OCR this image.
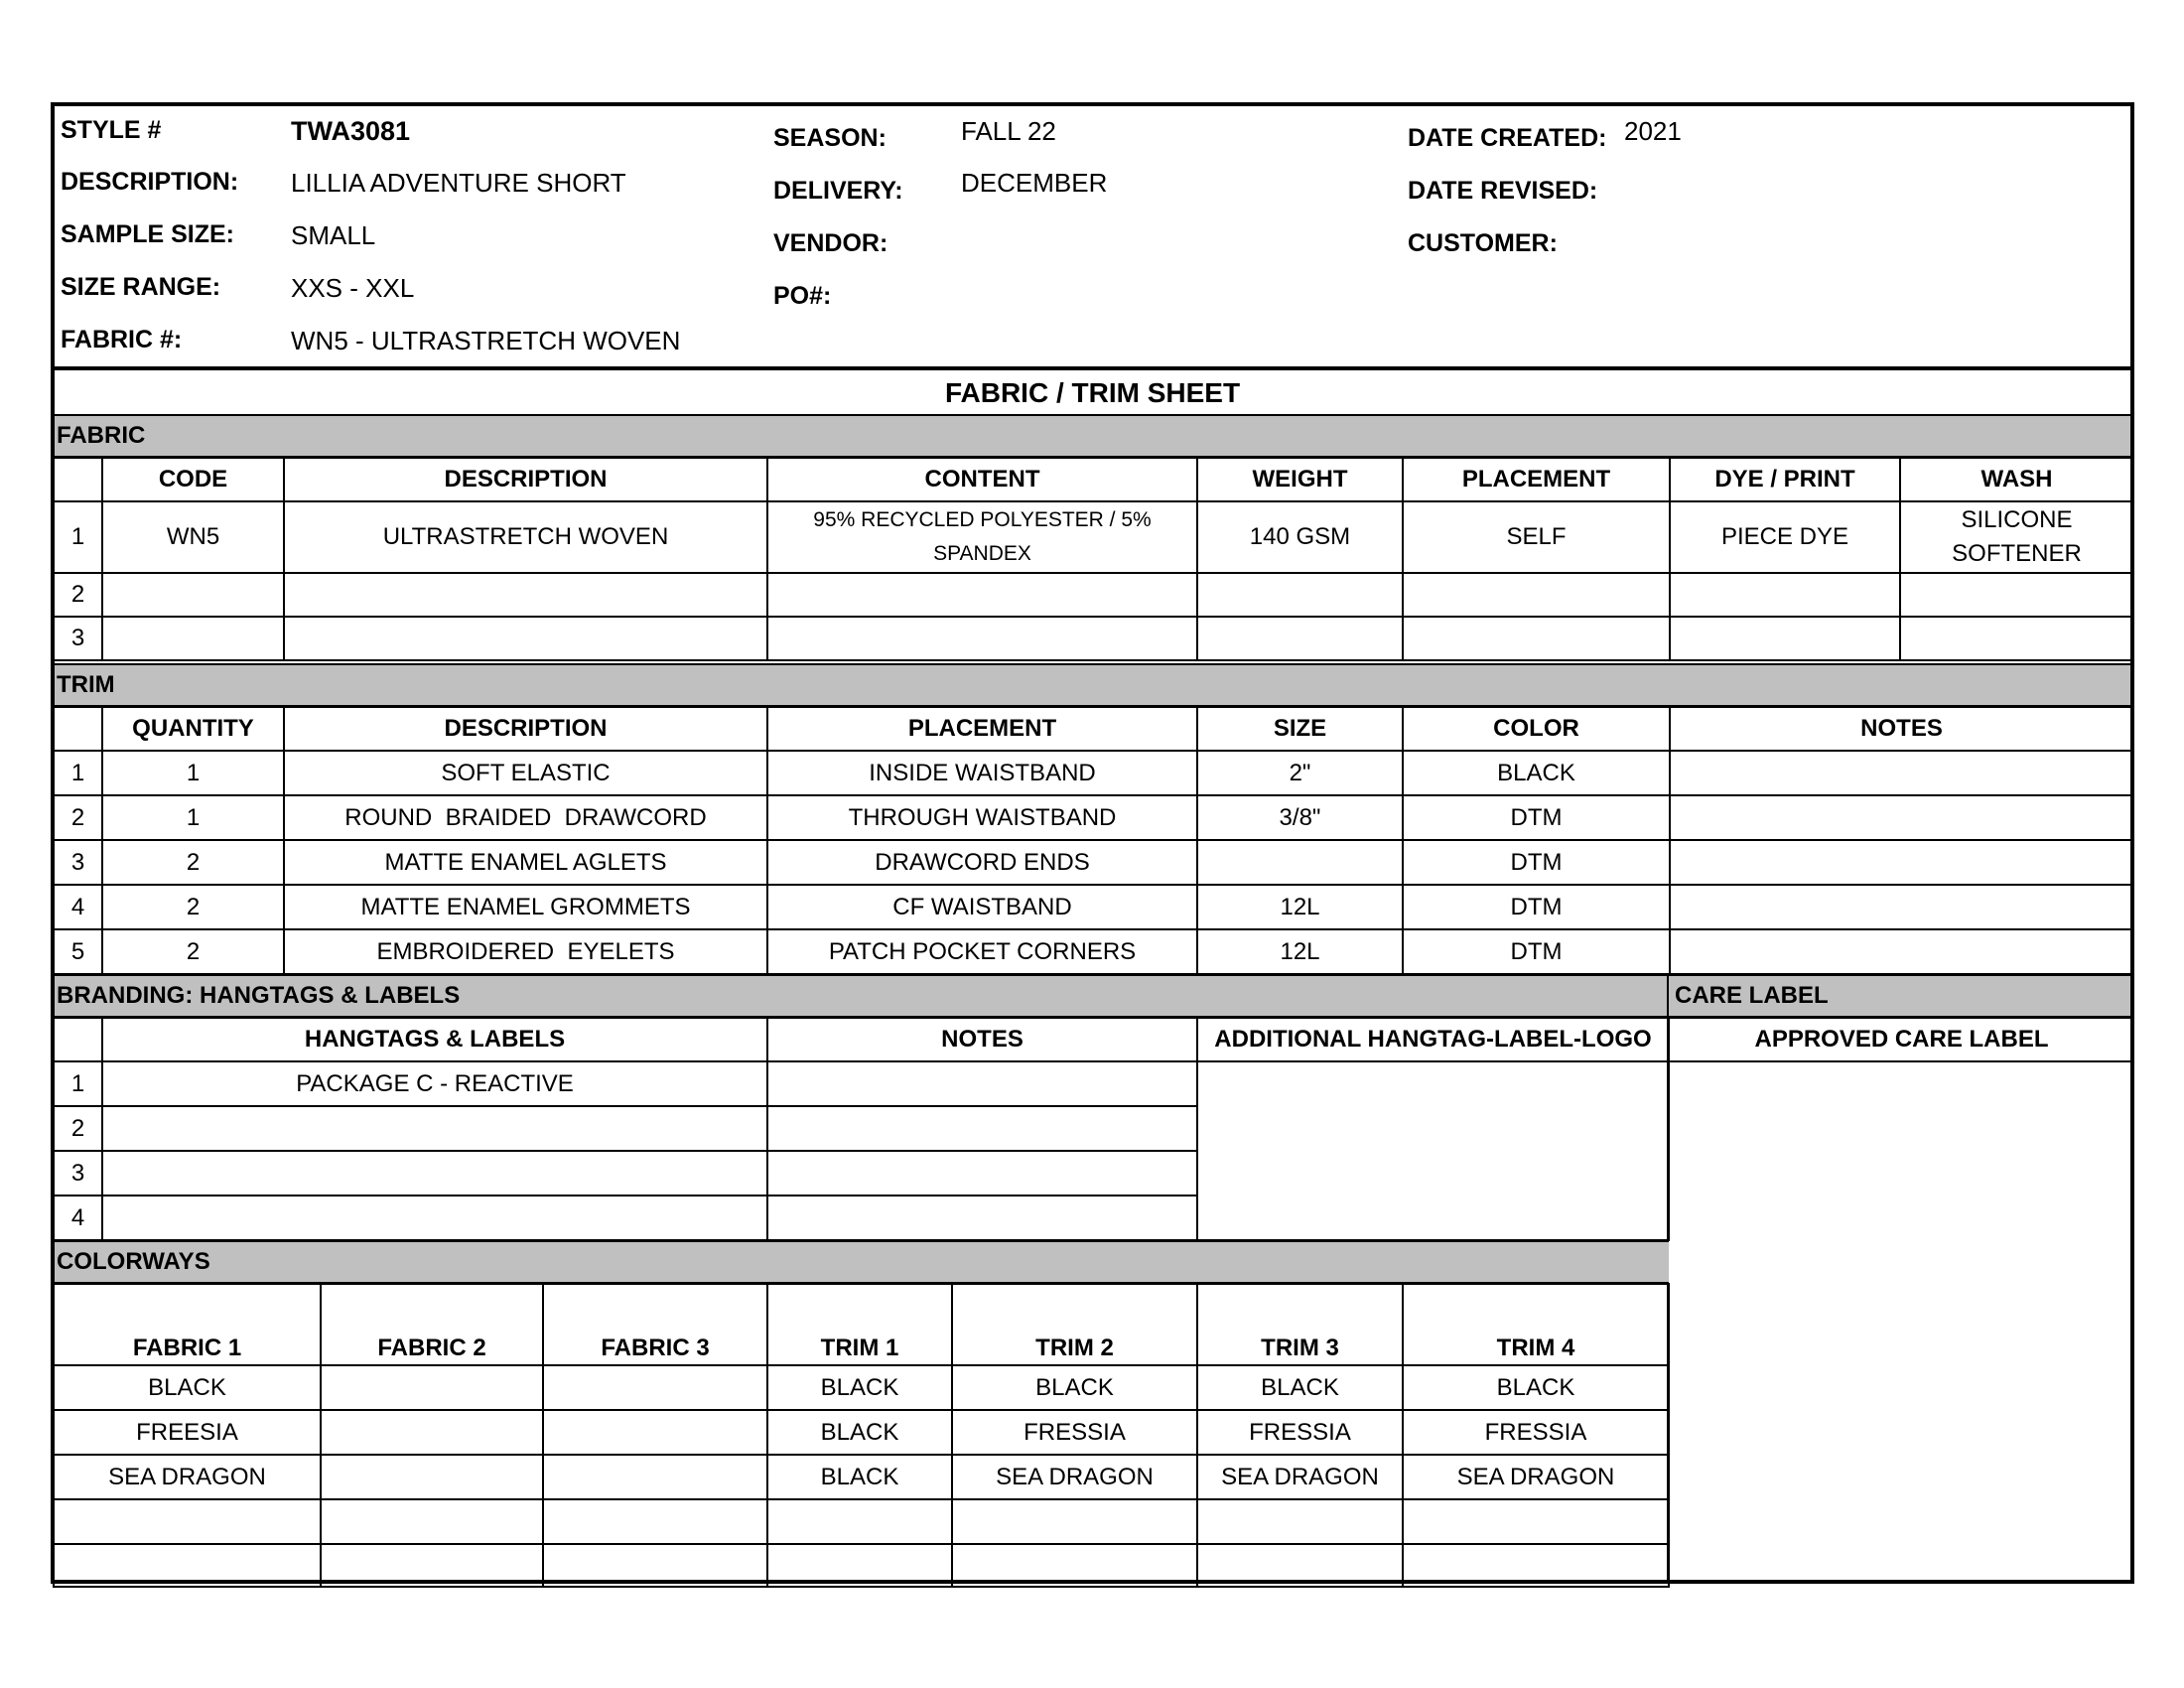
STYLE #	TWA3081
DESCRIPTION: LILLIA ADVENTURE SHORT
SAMPLE SIZE: SMALL
SIZE RANGE:	XXS - XXL
FABRIC #:	WN5 - ULTRASTRETCH WOVEN
SEASON:	FALL 22
DELIVERY: DECEMBER
VENDOR:
PO#:
DATE CREATED: 2021
DATE REVISED:
CUSTOMER:
FABRIC / TRIM SHEET
FABRIC
	CODE	DESCRIPTION	CONTENT	WEIGHT	PLACEMENT	DYE / PRINT	WASH
1	WN5	ULTRASTRETCH WOVEN	95% RECYCLED POLYESTER / 5% SPANDEX	140 GSM	SELF	PIECE DYE	SILICONE SOFTENER
2							
3							
TRIM
	QUANTITY	DESCRIPTION	PLACEMENT	SIZE	COLOR	NOTES
1	1	SOFT ELASTIC	INSIDE WAISTBAND	2"	BLACK	
2	1	ROUND  BRAIDED  DRAWCORD	THROUGH WAISTBAND	3/8"	DTM	
3	2	MATTE ENAMEL AGLETS	DRAWCORD ENDS		DTM	
4	2	MATTE ENAMEL GROMMETS	CF WAISTBAND	12L	DTM	
5	2	EMBROIDERED  EYELETS	PATCH POCKET CORNERS	12L	DTM	
BRANDING: HANGTAGS & LABELS	CARE LABEL
	HANGTAGS & LABELS	NOTES	ADDITIONAL HANGTAG-LABEL-LOGO
1	PACKAGE C - REACTIVE		
2			
3			
4			
APPROVED CARE LABEL
COLORWAYS
FABRIC 1	FABRIC 2	FABRIC 3	TRIM 1	TRIM 2	TRIM 3	TRIM 4
BLACK			BLACK	BLACK	BLACK	BLACK
FREESIA			BLACK	FRESSIA	FRESSIA	FRESSIA
SEA DRAGON			BLACK	SEA DRAGON	SEA DRAGON	SEA DRAGON
